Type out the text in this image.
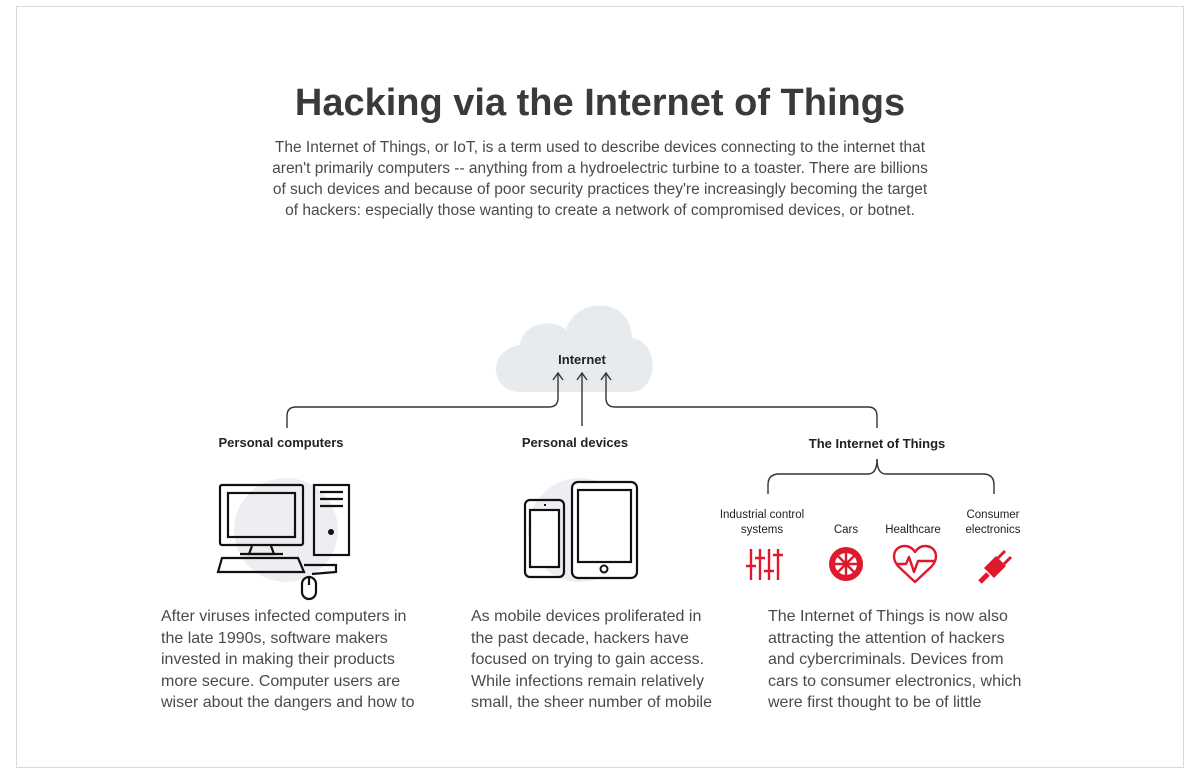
Hacking via the Internet of Things

The Internet of Things, or IoT, is a term used to describe devices connecting to the internet that aren't primarily computers -- anything from a hydroelectric turbine to a toaster. There are billions of such devices and because of poor security practices they're increasingly becoming the target of hackers: especially those wanting to create a network of compromised devices, or botnet.

Internet
Personal computers	Personal devices	The Internet of Things
Industrial control
systems	Cars Healthcare
Consumer
electronics

After viruses infected computers in the late 1990s, software makers invested in making their products more secure. Computer users are wiser about the dangers and how to

As mobile devices proliferated in the past decade, hackers have focused on trying to gain access. While infections remain relatively small, the sheer number of mobile

The Internet of Things is now also attracting the attention of hackers and cybercriminals. Devices from cars to consumer electronics, which were first thought to be of little
